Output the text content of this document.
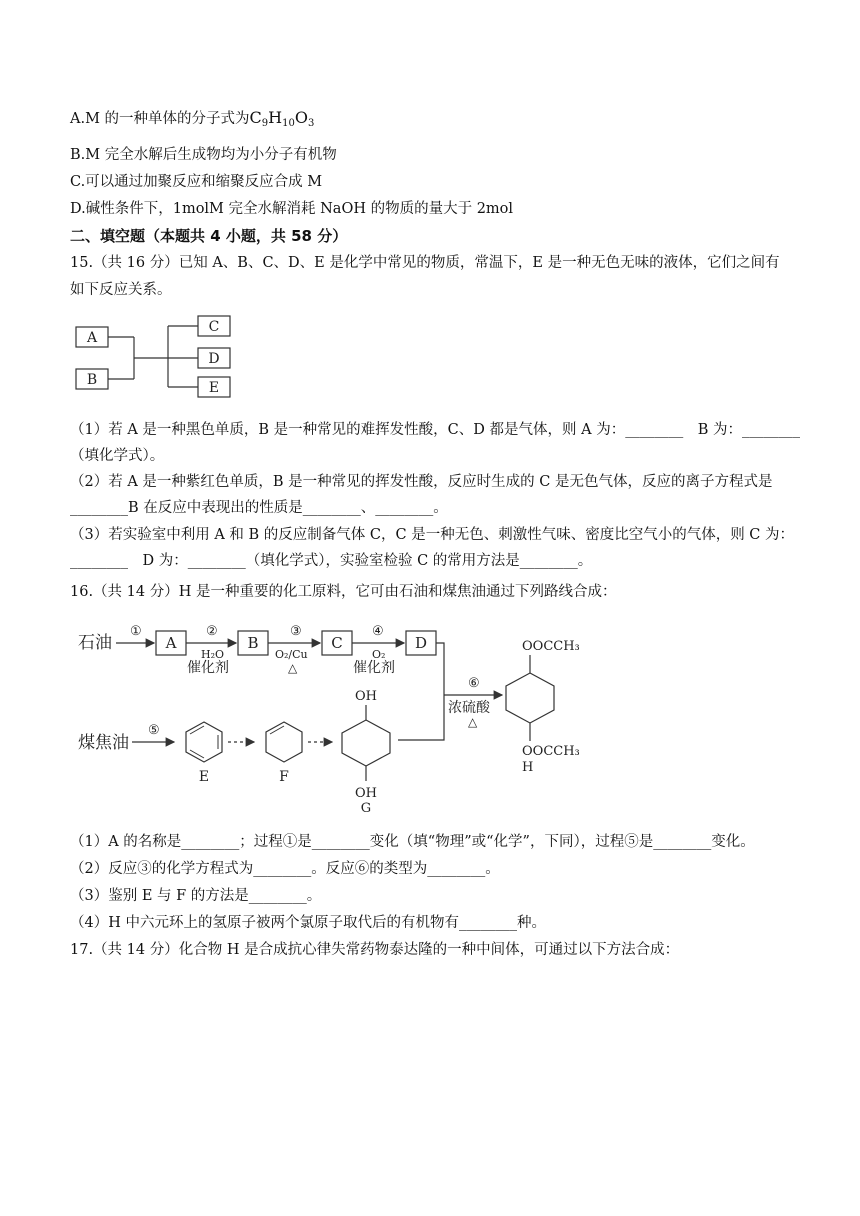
A.M 的一种单体的分子式为$C_9H_{10}O_3$
B.M 完全水解后生成物均为小分子有机物
C.可以通过加聚反应和缩聚反应合成 M
D.碱性条件下，1molM 完全水解消耗 NaOH 的物质的量大于 2mol
二、填空题（本题共 4 小题，共 58 分）
15.（共 16 分）已知 A、B、C、D、E 是化学中常见的物质，常温下，E 是一种无色无味的液体，它们之间有
如下反应关系。
A
B
C
D
E
（1）若 A 是一种黑色单质，B 是一种常见的难挥发性酸，C、D 都是气体，则 A 为：________　B 为：________
（填化学式）。
（2）若 A 是一种紫红色单质，B 是一种常见的挥发性酸，反应时生成的 C 是无色气体，反应的离子方程式是
________B 在反应中表现出的性质是________、________。
（3）若实验室中利用 A 和 B 的反应制备气体 C，C 是一种无色、刺激性气味、密度比空气小的气体，则 C 为：
________　D 为：________（填化学式），实验室检验 C 的常用方法是________。
16.（共 14 分）H 是一种重要的化工原料，它可由石油和煤焦油通过下列路线合成：
石油
①
A
②
H₂O
催化剂
B
③
O₂/Cu
△
C
④
O₂
催化剂
D
⑥
浓硫酸
△
煤焦油
⑤
E	F
OH
OH
G
OOCCH₃
OOCCH₃
H
（1）A 的名称是________；过程①是________变化（填“物理”或“化学”，下同），过程⑤是________变化。
（2）反应③的化学方程式为________。反应⑥的类型为________。
（3）鉴别 E 与 F 的方法是________。
（4）H 中六元环上的氢原子被两个氯原子取代后的有机物有________种。
17.（共 14 分）化合物 H 是合成抗心律失常药物泰达隆的一种中间体，可通过以下方法合成：
